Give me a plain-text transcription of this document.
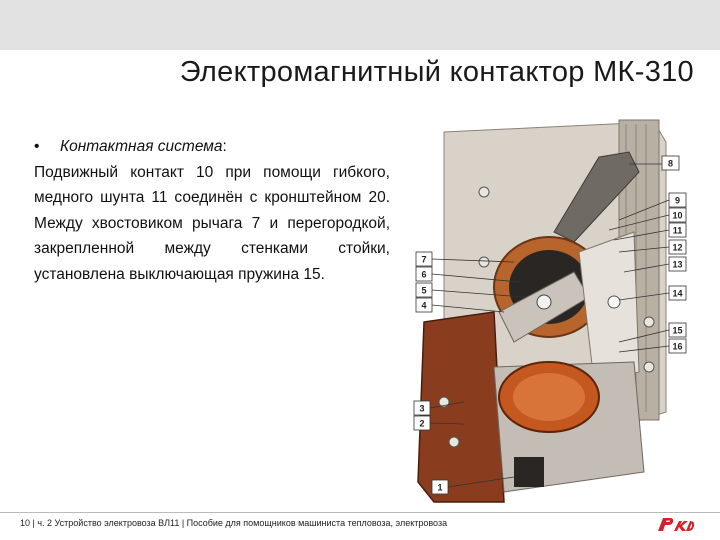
Электромагнитный контактор МК-310

• Контактная система:

Подвижный контакт 10 при помощи гибкого, медного шунта 11 соединён с кронштейном 20. Между хвостовиком рычага 7 и перегородкой, закрепленной между стенками стойки, установлена выключающая пружина 15.

8
9
10
11
12
13
14
15
16
7
6
5
4
3
2
1
10 | ч. 2 Устройство электровоза ВЛ11 | Пособие для помощников машиниста тепловоза, электровоза
